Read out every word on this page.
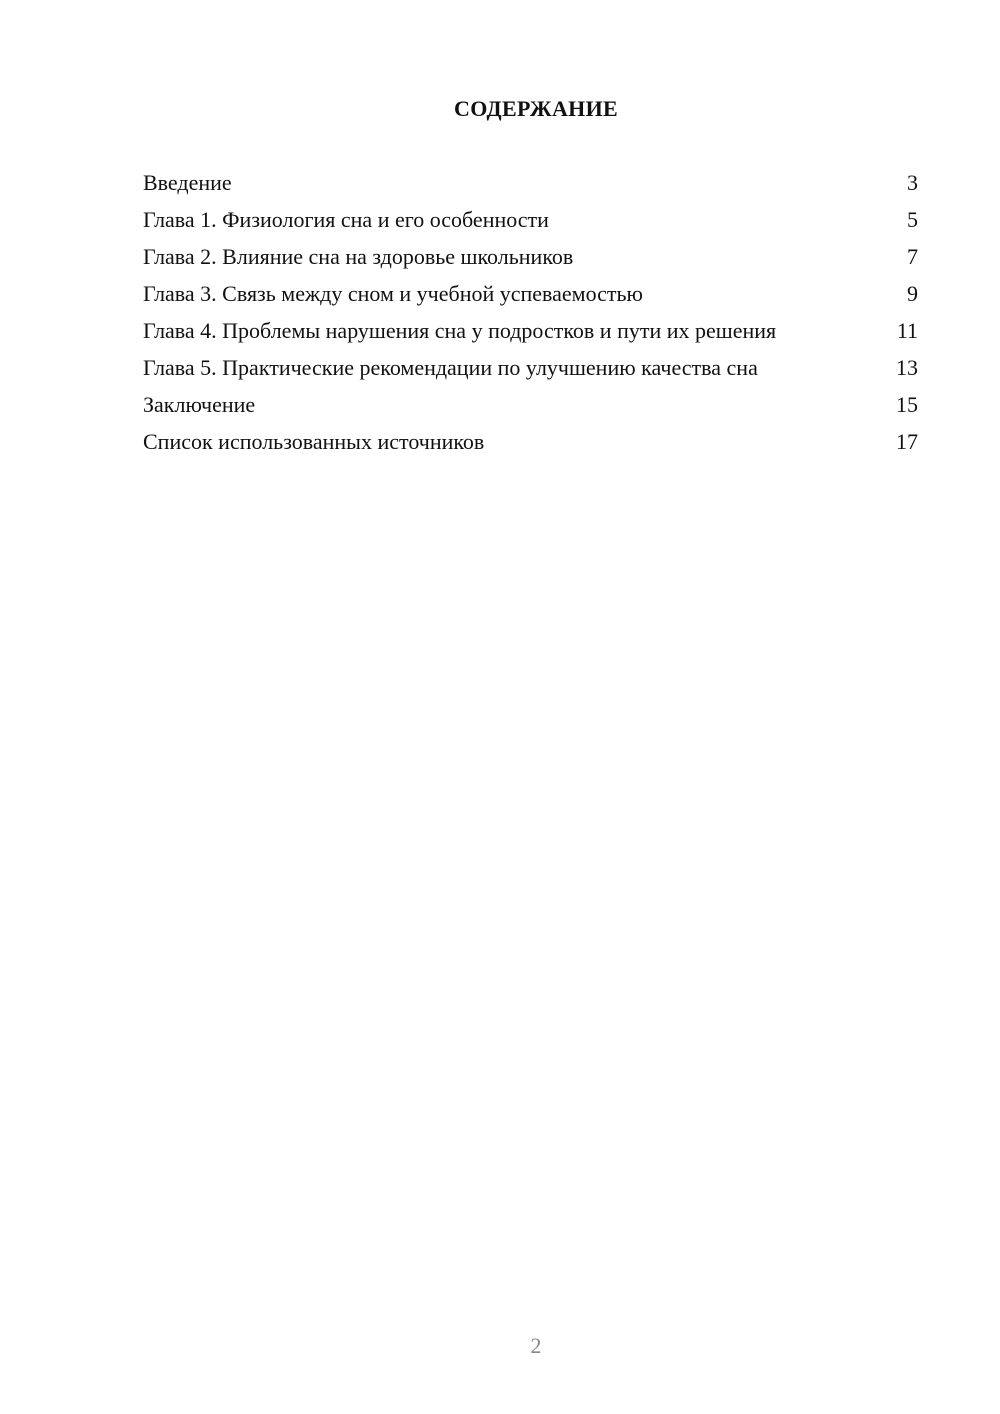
СОДЕРЖАНИЕ
Введение	3
Глава 1. Физиология сна и его особенности	5
Глава 2. Влияние сна на здоровье школьников	7
Глава 3. Связь между сном и учебной успеваемостью	9
Глава 4. Проблемы нарушения сна у подростков и пути их решения	11
Глава 5. Практические рекомендации по улучшению качества сна	13
Заключение	15
Список использованных источников	17
2
